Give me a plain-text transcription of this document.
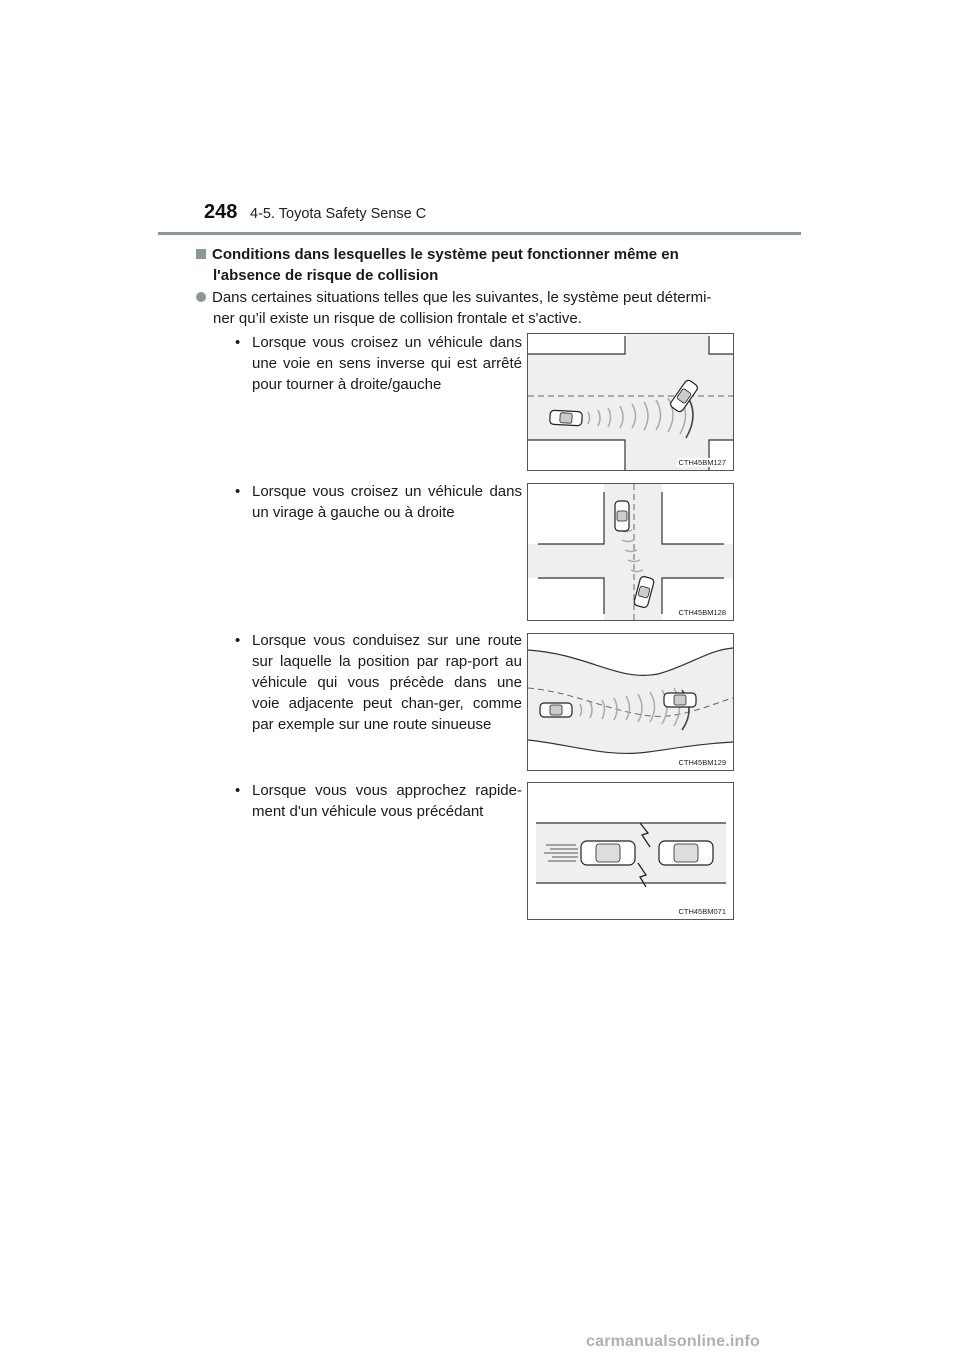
248 4-5. Toyota Safety Sense C
Conditions dans lesquelles le système peut fonctionner même en
l'absence de risque de collision
Dans certaines situations telles que les suivantes, le système peut détermi-
ner qu’il existe un risque de collision frontale et s'active.
• Lorsque vous croisez un véhicule dans une voie en sens inverse qui est arrêté pour tourner à droite/gauche
CTH45BM127
• Lorsque vous croisez un véhicule dans un virage à gauche ou à droite
CTH45BM128
• Lorsque vous conduisez sur une route sur laquelle la position par rap-port au véhicule qui vous précède dans une voie adjacente peut chan-ger, comme par exemple sur une route sinueuse
CTH45BM129
• Lorsque vous vous approchez rapide-ment d'un véhicule vous précédant
CTH45BM071
carmanualsonline.info
